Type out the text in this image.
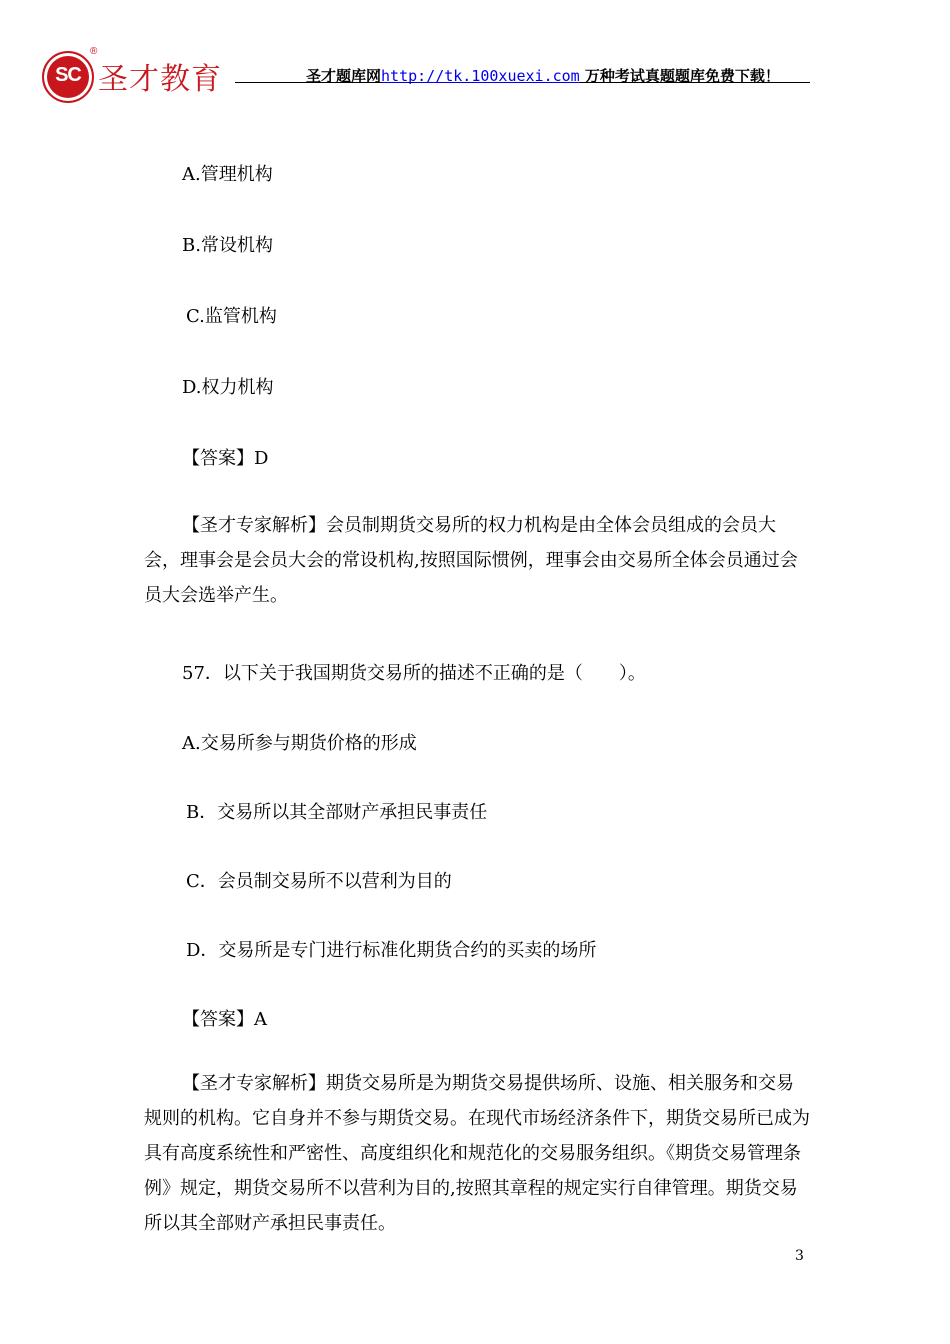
SC
®
圣才教育	圣才题库网http://tk.100xuexi.com 万种考试真题题库免费下载！
A.管理机构
B.常设机构
C.监管机构
D.权力机构
【答案】D
【圣才专家解析】会员制期货交易所的权力机构是由全体会员组成的会员大会，理事会是会员大会的常设机构,按照国际惯例，理事会由交易所全体会员通过会员大会选举产生。
57．以下关于我国期货交易所的描述不正确的是（　　）。
A.交易所参与期货价格的形成
B．交易所以其全部财产承担民事责任
C．会员制交易所不以营利为目的
D．交易所是专门进行标准化期货合约的买卖的场所
【答案】A
【圣才专家解析】期货交易所是为期货交易提供场所、设施、相关服务和交易规则的机构。它自身并不参与期货交易。在现代市场经济条件下，期货交易所已成为具有高度系统性和严密性、高度组织化和规范化的交易服务组织。《期货交易管理条例》规定，期货交易所不以营利为目的,按照其章程的规定实行自律管理。期货交易所以其全部财产承担民事责任。
3
